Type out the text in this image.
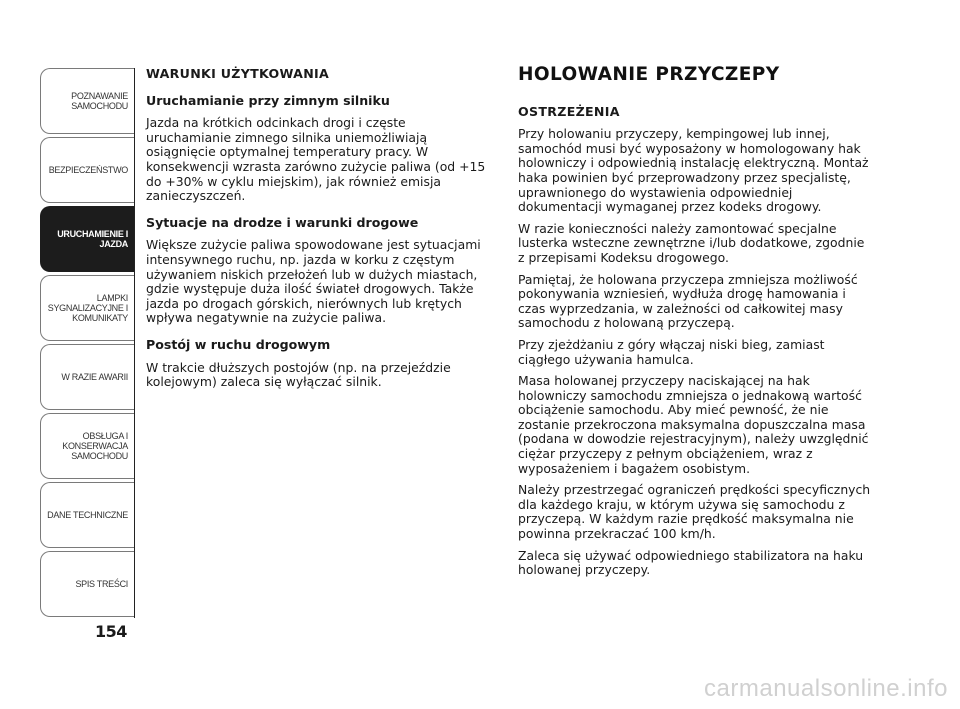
POZNAWANIE
SAMOCHODU
BEZPIECZEŃSTWO
URUCHAMIENIE I
JAZDA
LAMPKI
SYGNALIZACYJNE I
KOMUNIKATY
W RAZIE AWARII
OBSŁUGA I
KONSERWACJA
SAMOCHODU
DANE TECHNICZNE
SPIS TREŚCI
154
WARUNKI UŻYTKOWANIA
Uruchamianie przy zimnym silniku

Jazda na krótkich odcinkach drogi i częste uruchamianie zimnego silnika uniemożliwiają osiągnięcie optymalnej temperatury pracy. W konsekwencji wzrasta zarówno zużycie paliwa (od +15 do +30% w cyklu miejskim), jak również emisja zanieczyszczeń.

Sytuacje na drodze i warunki drogowe

Większe zużycie paliwa spowodowane jest sytuacjami intensywnego ruchu, np. jazda w korku z częstym używaniem niskich przełożeń lub w dużych miastach, gdzie występuje duża ilość świateł drogowych. Także jazda po drogach górskich, nierównych lub krętych wpływa negatywnie na zużycie paliwa.

Postój w ruchu drogowym

W trakcie dłuższych postojów (np. na przejeździe kolejowym) zaleca się wyłączać silnik.

HOLOWANIE PRZYCZEPY
OSTRZEŻENIA

Przy holowaniu przyczepy, kempingowej lub innej, samochód musi być wyposażony w homologowany hak holowniczy i odpowiednią instalację elektryczną. Montaż haka powinien być przeprowadzony przez specjalistę, uprawnionego do wystawienia odpowiedniej dokumentacji wymaganej przez kodeks drogowy.

W razie konieczności należy zamontować specjalne lusterka wsteczne zewnętrzne i/lub dodatkowe, zgodnie z przepisami Kodeksu drogowego.

Pamiętaj, że holowana przyczepa zmniejsza możliwość pokonywania wzniesień, wydłuża drogę hamowania i czas wyprzedzania, w zależności od całkowitej masy samochodu z holowaną przyczepą.

Przy zjeżdżaniu z góry włączaj niski bieg, zamiast ciągłego używania hamulca.

Masa holowanej przyczepy naciskającej na hak holowniczy samochodu zmniejsza o jednakową wartość obciążenie samochodu. Aby mieć pewność, że nie zostanie przekroczona maksymalna dopuszczalna masa (podana w dowodzie rejestracyjnym), należy uwzględnić ciężar przyczepy z pełnym obciążeniem, wraz z wyposażeniem i bagażem osobistym.

Należy przestrzegać ograniczeń prędkości specyficznych dla każdego kraju, w którym używa się samochodu z przyczepą. W każdym razie prędkość maksymalna nie powinna przekraczać 100 km/h.

Zaleca się używać odpowiedniego stabilizatora na haku holowanej przyczepy.

carmanualsonline.info
